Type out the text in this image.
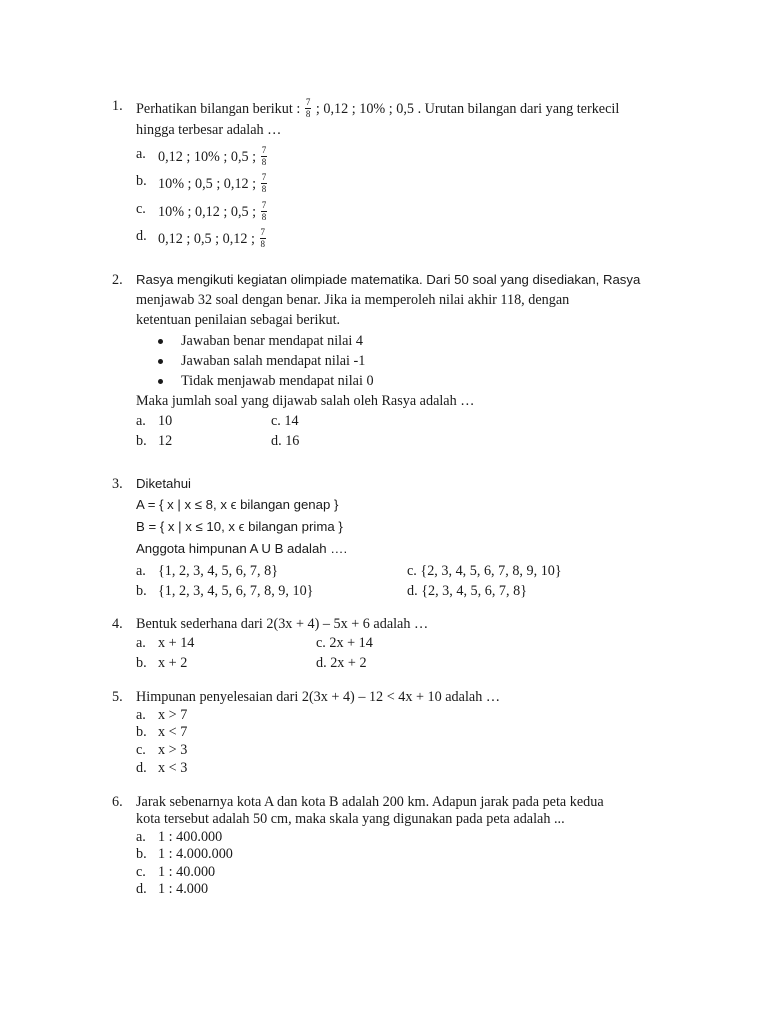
1. Perhatikan bilangan berikut : $\frac{7}{8}$ ; 0,12 ; 10% ; 0,5 . Urutan bilangan dari yang terkecil
hingga terbesar adalah …
a. 0,12 ; 10% ; 0,5 ; $\frac{7}{8}$
b. 10% ; 0,5 ; 0,12 ; $\frac{7}{8}$
c. 10% ; 0,12 ; 0,5 ; $\frac{7}{8}$
d. 0,12 ; 0,5 ; 0,12 ; $\frac{7}{8}$
2. Rasya mengikuti kegiatan olimpiade matematika. Dari 50 soal yang disediakan, Rasya
menjawab 32 soal dengan benar. Jika ia memperoleh nilai akhir 118, dengan
ketentuan penilaian sebagai berikut.
Jawaban benar mendapat nilai 4
Jawaban salah mendapat nilai -1
Tidak menjawab mendapat nilai 0
Maka jumlah soal yang dijawab salah oleh Rasya adalah …
a. 10	c. 14
b. 12	d. 16
3. Diketahui
A = { x | x ≤ 8, x ϵ bilangan genap }
B = { x | x ≤ 10, x ϵ bilangan prima }
Anggota himpunan A U B adalah ….
a. {1, 2, 3, 4, 5, 6, 7, 8}	c. {2, 3, 4, 5, 6, 7, 8, 9, 10}
b. {1, 2, 3, 4, 5, 6, 7, 8, 9, 10}	d. {2, 3, 4, 5, 6, 7, 8}
4. Bentuk sederhana dari 2(3x + 4) – 5x + 6 adalah …
a. x + 14	c. 2x + 14
b. x + 2	d. 2x + 2
5. Himpunan penyelesaian dari 2(3x + 4) – 12 < 4x + 10 adalah …
a. x > 7
b. x < 7
c. x > 3
d. x < 3
6. Jarak sebenarnya kota A dan kota B adalah 200 km. Adapun jarak pada peta kedua
kota tersebut adalah 50 cm, maka skala yang digunakan pada peta adalah ...
a. 1 : 400.000
b. 1 : 4.000.000
c. 1 : 40.000
d. 1 : 4.000
